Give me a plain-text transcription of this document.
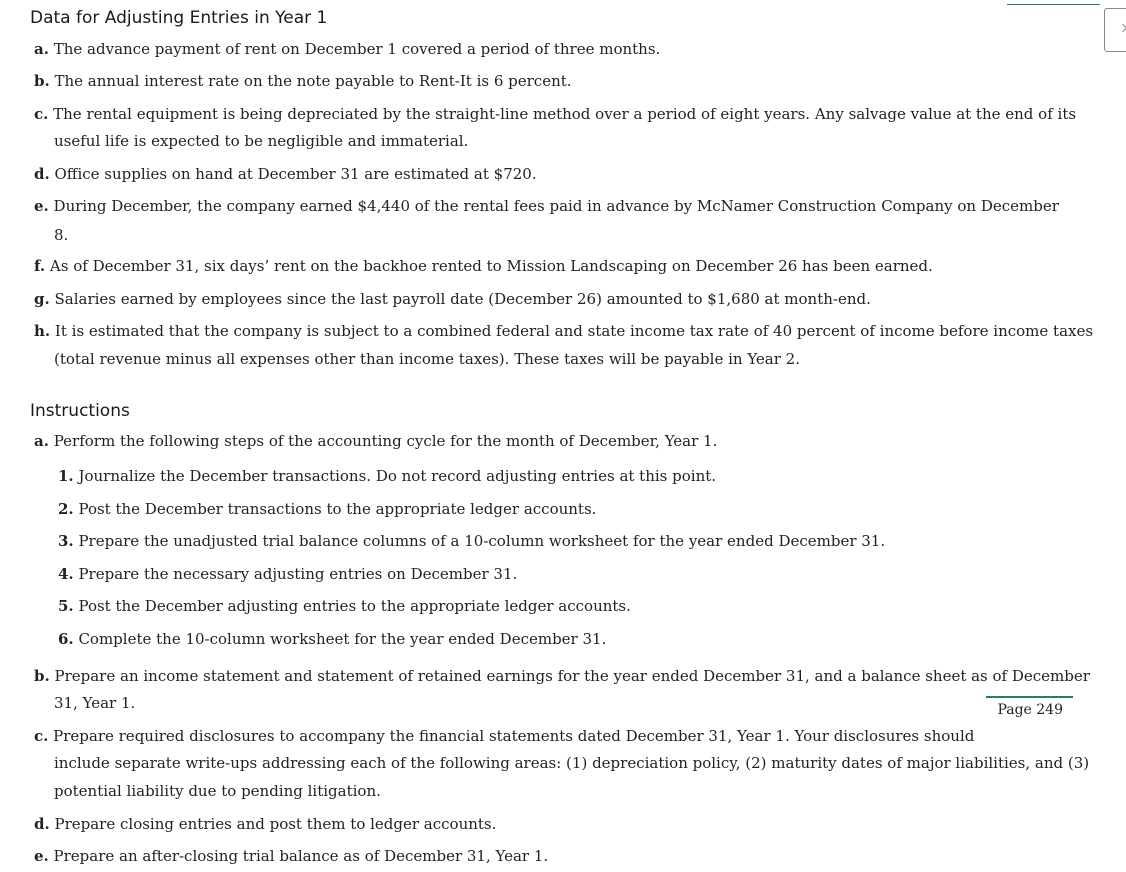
Data for Adjusting Entries in Year 1
a. The advance payment of rent on December 1 covered a period of three months.
b. The annual interest rate on the note payable to Rent-It is 6 percent.
c. The rental equipment is being depreciated by the straight-line method over a period of eight years. Any salvage value at the end of its
useful life is expected to be negligible and immaterial.
d. Office supplies on hand at December 31 are estimated at $720.
e. During December, the company earned $4,440 of the rental fees paid in advance by McNamer Construction Company on December
8.
f. As of December 31, six days’ rent on the backhoe rented to Mission Landscaping on December 26 has been earned.
g. Salaries earned by employees since the last payroll date (December 26) amounted to $1,680 at month-end.
h. It is estimated that the company is subject to a combined federal and state income tax rate of 40 percent of income before income taxes
(total revenue minus all expenses other than income taxes). These taxes will be payable in Year 2.
Instructions
a. Perform the following steps of the accounting cycle for the month of December, Year 1.
1. Journalize the December transactions. Do not record adjusting entries at this point.
2. Post the December transactions to the appropriate ledger accounts.
3. Prepare the unadjusted trial balance columns of a 10-column worksheet for the year ended December 31.
4. Prepare the necessary adjusting entries on December 31.
5. Post the December adjusting entries to the appropriate ledger accounts.
6. Complete the 10-column worksheet for the year ended December 31.
b. Prepare an income statement and statement of retained earnings for the year ended December 31, and a balance sheet as of December
31, Year 1.	Page 249
c. Prepare required disclosures to accompany the financial statements dated December 31, Year 1. Your disclosures should
include separate write-ups addressing each of the following areas: (1) depreciation policy, (2) maturity dates of major liabilities, and (3)
potential liability due to pending litigation.
d. Prepare closing entries and post them to ledger accounts.
e. Prepare an after-closing trial balance as of December 31, Year 1.
